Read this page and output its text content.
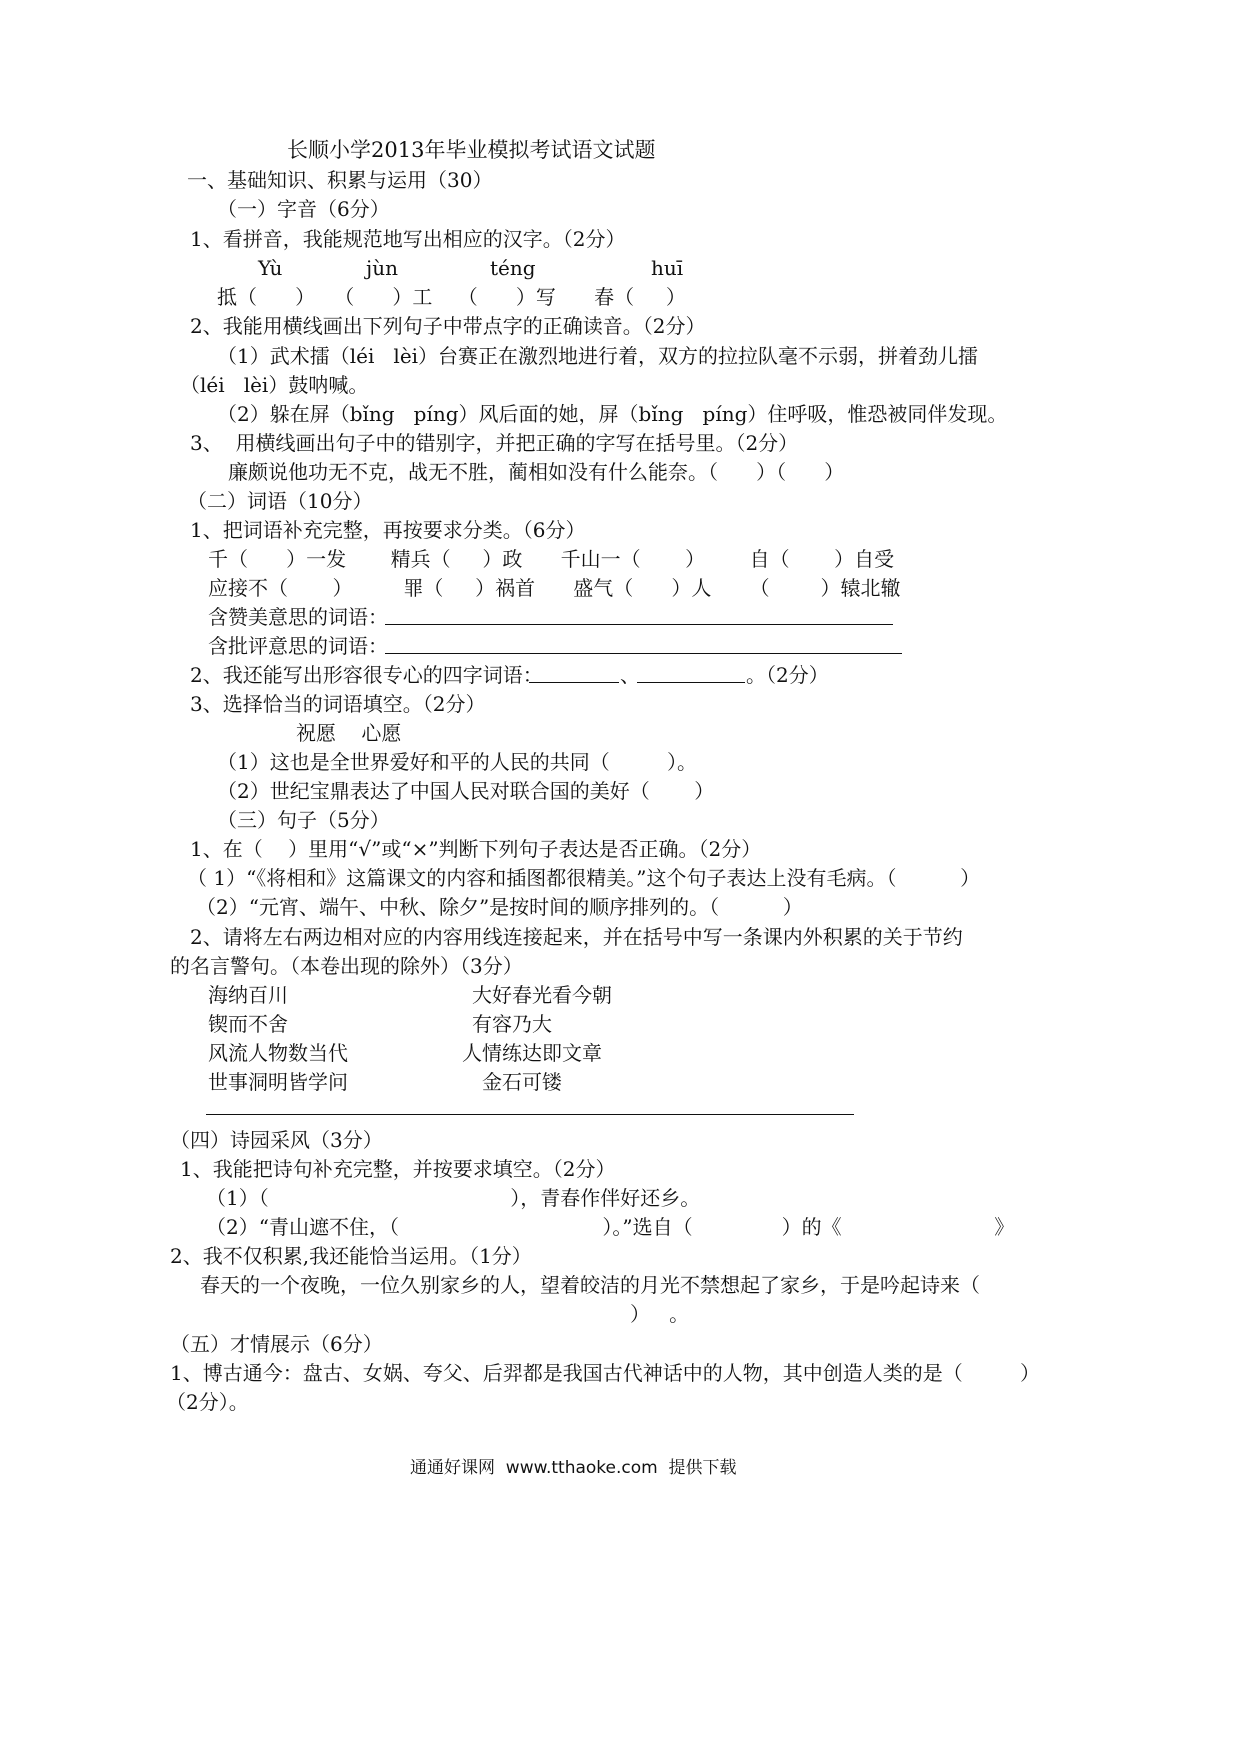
长顺小学2013年毕业模拟考试语文试题
一、基础知识、积累与运用（30）
（一）字音（6分）
1、看拼音，我能规范地写出相应的汉字。（2分）
Yù	jùn	téng	huī
抵（      ）   （      ）工    （      ）写      春（     ）
2、我能用横线画出下列句子中带点字的正确读音。（2分）
（1）武术擂（léi   lèi）台赛正在激烈地进行着，双方的拉拉队毫不示弱，拼着劲儿擂
（léi   lèi）鼓呐喊。
（2）躲在屏（bǐng   píng）风后面的她，屏（bǐng   píng）住呼吸，惟恐被同伴发现。
3、  用横线画出句子中的错别字，并把正确的字写在括号里。（2分）
廉颇说他功无不克，战无不胜，蔺相如没有什么能奈。（      ）（      ）
（二）词语（10分）
1、把词语补充完整，再按要求分类。（6分）
千（      ）一发       精兵（     ）政      千山一（       ）       自（       ）自受
应接不（       ）        罪（     ）祸首      盛气（      ）人      （        ）辕北辙
含赞美意思的词语：
含批评意思的词语：
2、我还能写出形容很专心的四字词语：	、	。（2分）
3、选择恰当的词语填空。（2分）
祝愿    心愿
（1）这也是全世界爱好和平的人民的共同（         ）。
（2）世纪宝鼎表达了中国人民对联合国的美好（       ）
（三）句子（5分）
1、在（    ）里用“√”或“×”判断下列句子表达是否正确。（2分）
（ 1）“《将相和》这篇课文的内容和插图都很精美。”这个句子表达上没有毛病。（          ）
（2）“元宵、端午、中秋、除夕”是按时间的顺序排列的。（          ）
2、请将左右两边相对应的内容用线连接起来，并在括号中写一条课内外积累的关于节约
的名言警句。（本卷出现的除外）（3分）
海纳百川	大好春光看今朝
锲而不舍	有容乃大
风流人物数当代	人情练达即文章
世事洞明皆学问	金石可镂
（四）诗园采风（3分）
1、我能把诗句补充完整，并按要求填空。（2分）
（1）（                                      ），青春作伴好还乡。
（2）“青山遮不住，（                                ）。”选自（              ）的《                        》
2、我不仅积累,我还能恰当运用。（1分）
春天的一个夜晚，一位久别家乡的人，望着皎洁的月光不禁想起了家乡，于是吟起诗来（
）   。
（五）才情展示（6分）
1、博古通今：盘古、女娲、夸父、后羿都是我国古代神话中的人物，其中创造人类的是（         ）
（2分）。
通通好课网  www.tthaoke.com  提供下载
